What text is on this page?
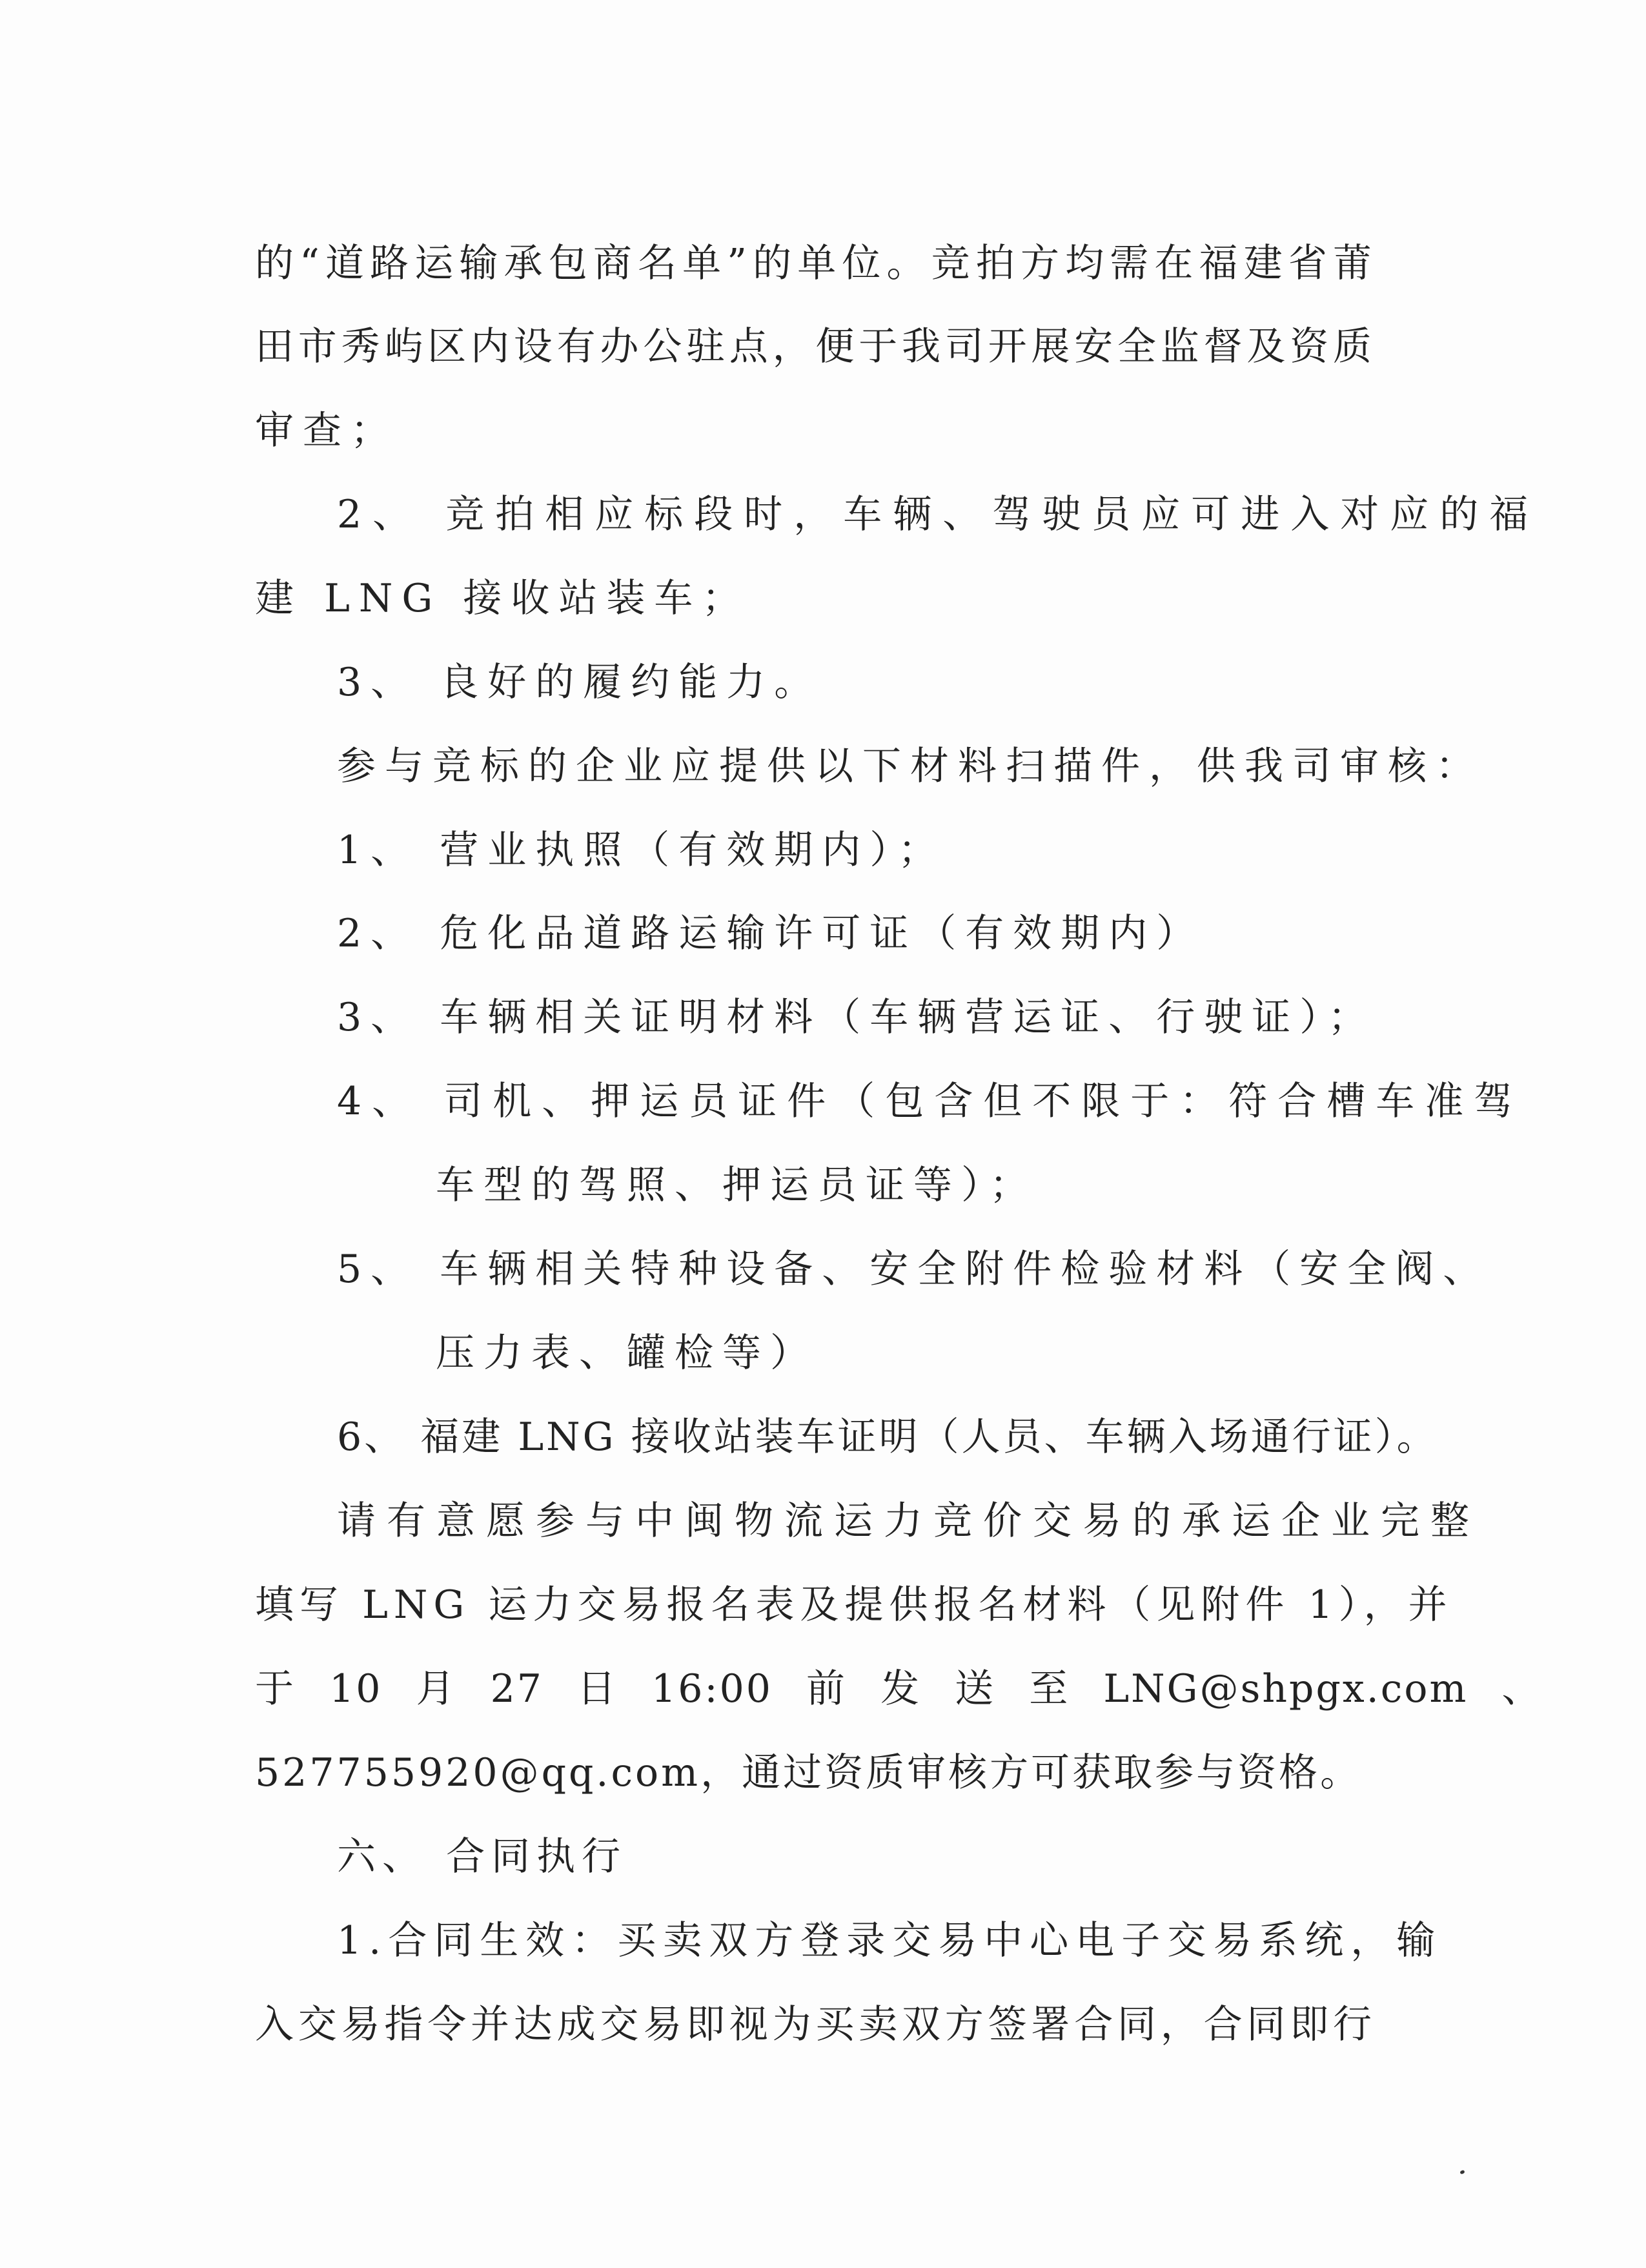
的“道路运输承包商名单”的单位。竞拍方均需在福建省莆
田市秀屿区内设有办公驻点，便于我司开展安全监督及资质
审查；
2、 竞拍相应标段时，车辆、驾驶员应可进入对应的福
建 LNG 接收站装车；
3、 良好的履约能力。
参与竞标的企业应提供以下材料扫描件，供我司审核：
1、 营业执照（有效期内）；
2、 危化品道路运输许可证（有效期内）
3、 车辆相关证明材料（车辆营运证、行驶证）；
4、 司机、押运员证件（包含但不限于：符合槽车准驾
车型的驾照、押运员证等）；
5、 车辆相关特种设备、安全附件检验材料（安全阀、
压力表、罐检等）
6、 福建 LNG 接收站装车证明（人员、车辆入场通行证）。
请有意愿参与中闽物流运力竞价交易的承运企业完整
填写 LNG 运力交易报名表及提供报名材料（见附件 1），并
于 10 月 27 日 16:00 前 发 送 至 LNG@shpgx.com 、
527755920@qq.com，通过资质审核方可获取参与资格。
六、 合同执行
1.合同生效：买卖双方登录交易中心电子交易系统，输
入交易指令并达成交易即视为买卖双方签署合同，合同即行
